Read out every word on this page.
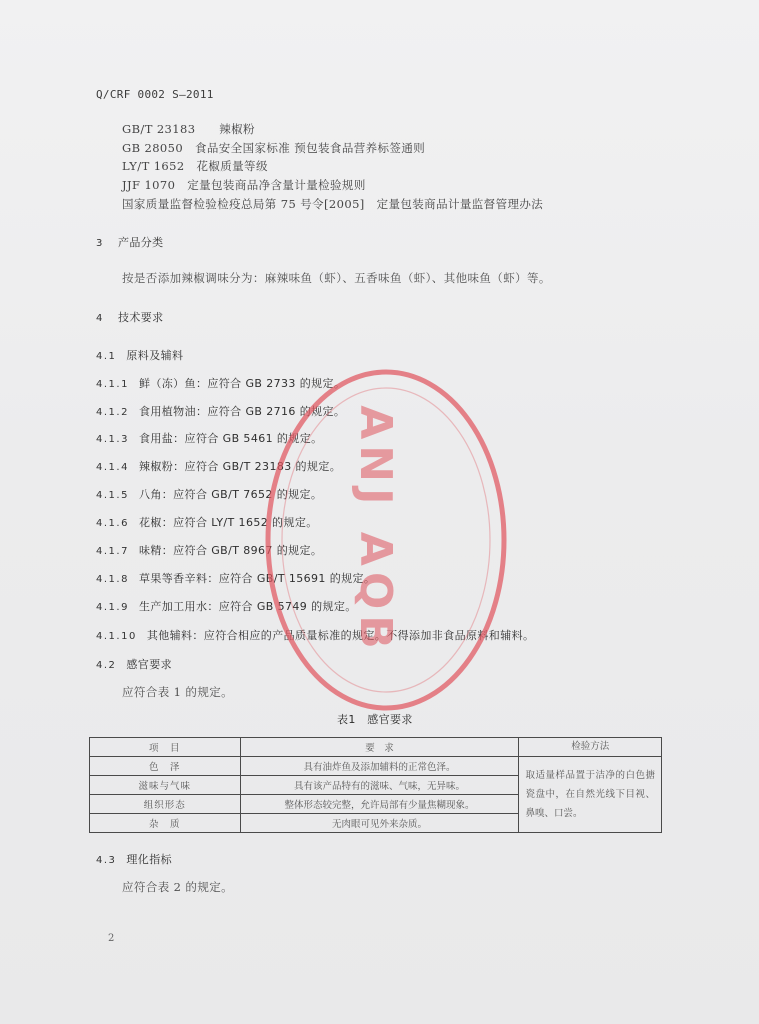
Q/CRF 0002 S—2011
GB/T 23183　　辣椒粉
GB 28050　食品安全国家标准 预包装食品营养标签通则
LY/T 1652　花椒质量等级
JJF 1070　定量包装商品净含量计量检验规则
国家质量监督检验检疫总局第 75 号令[2005]　定量包装商品计量监督管理办法
3 产品分类
按是否添加辣椒调味分为：麻辣味鱼（虾）、五香味鱼（虾）、其他味鱼（虾）等。
4 技术要求
4.1 原料及辅料
4.1.1 鲜（冻）鱼：应符合 GB 2733 的规定。
4.1.2 食用植物油：应符合 GB 2716 的规定。
4.1.3 食用盐：应符合 GB 5461 的规定。
4.1.4 辣椒粉：应符合 GB/T 23183 的规定。
4.1.5 八角：应符合 GB/T 7652 的规定。
4.1.6 花椒：应符合 LY/T 1652 的规定。
4.1.7 味精：应符合 GB/T 8967 的规定。
4.1.8 草果等香辛料：应符合 GB/T 15691 的规定。
4.1.9 生产加工用水：应符合 GB 5749 的规定。
4.1.10 其他辅料：应符合相应的产品质量标准的规定。不得添加非食品原料和辅料。
4.2 感官要求
应符合表 1 的规定。
表1　感官要求
项　目	要　求	检验方法
色　泽	具有油炸鱼及添加辅料的正常色泽。	取适量样品置于洁净的白色搪瓷盘中，在自然光线下目视、鼻嗅、口尝。
滋味与气味	具有该产品特有的滋味、气味，无异味。	
组织形态	整体形态较完整，允许局部有少量焦糊现象。	
杂　质	无肉眼可见外来杂质。	
4.3 理化指标
应符合表 2 的规定。
2
ANJ AQB
